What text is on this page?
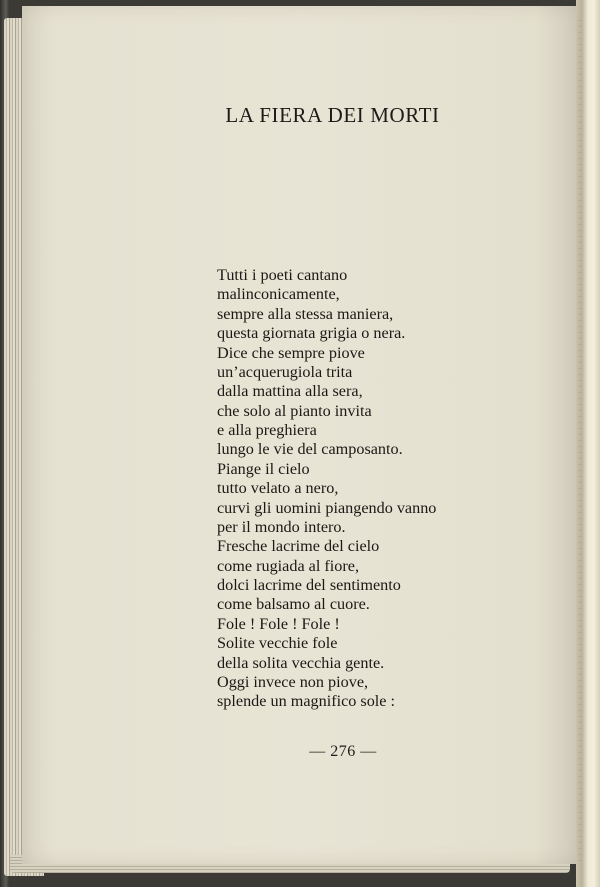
LA FIERA DEI MORTI
Tutti i poeti cantano
malinconicamente,
sempre alla stessa maniera,
questa giornata grigia o nera.
Dice che sempre piove
un’acquerugiola trita
dalla mattina alla sera,
che solo al pianto invita
e alla preghiera
lungo le vie del camposanto.
Piange il cielo
tutto velato a nero,
curvi gli uomini piangendo vanno
per il mondo intero.
Fresche lacrime del cielo
come rugiada al fiore,
dolci lacrime del sentimento
come balsamo al cuore.
Fole ! Fole ! Fole !
Solite vecchie fole
della solita vecchia gente.
Oggi invece non piove,
splende un magnifico sole :
— 276 —
